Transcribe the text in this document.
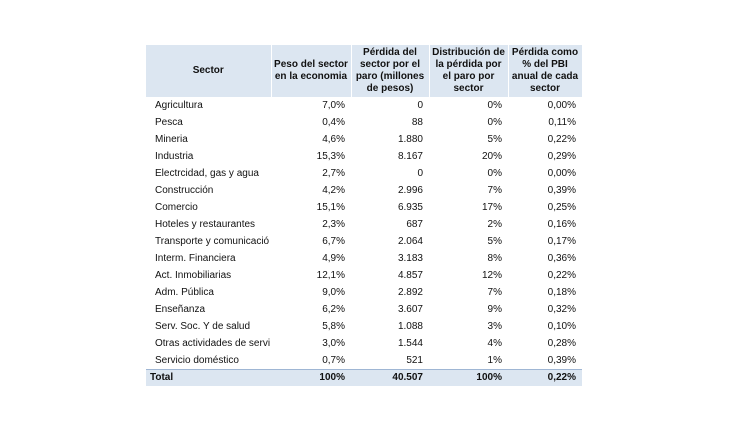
Sector	Peso del sector en la economia	Pérdida del sector por el paro (millones de pesos)	Distribución de la pérdida por el paro por sector	Pérdida como % del PBI anual de cada sector
Agricultura	7,0%	0	0%	0,00%
Pesca	0,4%	88	0%	0,11%
Mineria	4,6%	1.880	5%	0,22%
Industria	15,3%	8.167	20%	0,29%
Electrcidad, gas y agua	2,7%	0	0%	0,00%
Construcción	4,2%	2.996	7%	0,39%
Comercio	15,1%	6.935	17%	0,25%
Hoteles y restaurantes	2,3%	687	2%	0,16%
Transporte y comunicació	6,7%	2.064	5%	0,17%
Interm. Financiera	4,9%	3.183	8%	0,36%
Act. Inmobiliarias	12,1%	4.857	12%	0,22%
Adm. Pública	9,0%	2.892	7%	0,18%
Enseñanza	6,2%	3.607	9%	0,32%
Serv. Soc. Y de salud	5,8%	1.088	3%	0,10%
Otras actividades de servi	3,0%	1.544	4%	0,28%
Servicio doméstico	0,7%	521	1%	0,39%
Total	100%	40.507	100%	0,22%
